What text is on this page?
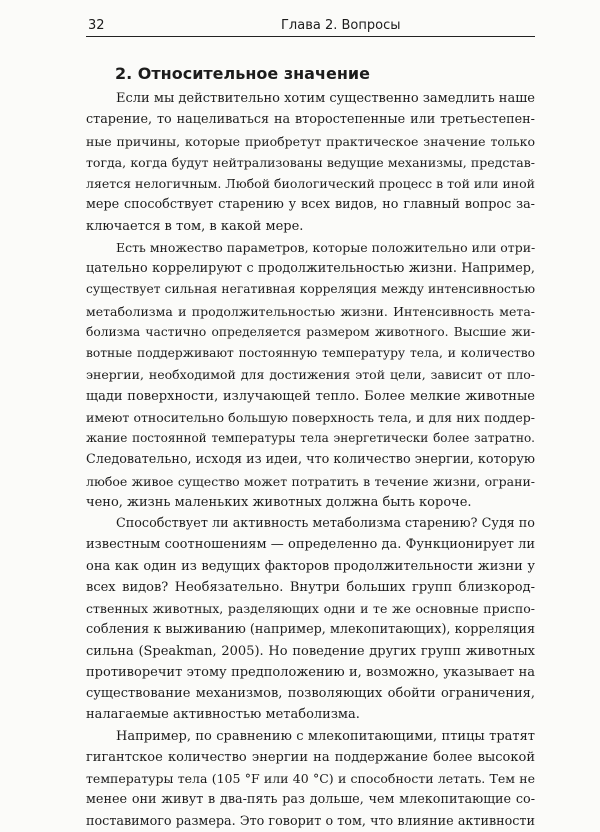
32	Глава 2. Вопросы
2. Относительное значение
Если мы действительно хотим существенно замедлить наше
старение, то нацеливаться на второстепенные или третьестепен-
ные причины, которые приобретут практическое значение только
тогда, когда будут нейтрализованы ведущие механизмы, представ-
ляется нелогичным. Любой биологический процесс в той или иной
мере способствует старению у всех видов, но главный вопрос за-
ключается в том, в какой мере.
Есть множество параметров, которые положительно или отри-
цательно коррелируют с продолжительностью жизни. Например,
существует сильная негативная корреляция между интенсивностью
метаболизма и продолжительностью жизни. Интенсивность мета-
болизма частично определяется размером животного. Высшие жи-
вотные поддерживают постоянную температуру тела, и количество
энергии, необходимой для достижения этой цели, зависит от пло-
щади поверхности, излучающей тепло. Более мелкие животные
имеют относительно большую поверхность тела, и для них поддер-
жание постоянной температуры тела энергетически более затратно.
Следовательно, исходя из идеи, что количество энергии, которую
любое живое существо может потратить в течение жизни, ограни-
чено, жизнь маленьких животных должна быть короче.
Способствует ли активность метаболизма старению? Судя по
известным соотношениям — определенно да. Функционирует ли
она как один из ведущих факторов продолжительности жизни у
всех видов? Необязательно. Внутри больших групп близкород-
ственных животных, разделяющих одни и те же основные приспо-
собления к выживанию (например, млекопитающих), корреляция
сильна (Speakman, 2005). Но поведение других групп животных
противоречит этому предположению и, возможно, указывает на
существование механизмов, позволяющих обойти ограничения,
налагаемые активностью метаболизма.
Например, по сравнению с млекопитающими, птицы тратят
гигантское количество энергии на поддержание более высокой
температуры тела (105 °F или 40 °C) и способности летать. Тем не
менее они живут в два-пять раз дольше, чем млекопитающие со-
поставимого размера. Это говорит о том, что влияние активности
